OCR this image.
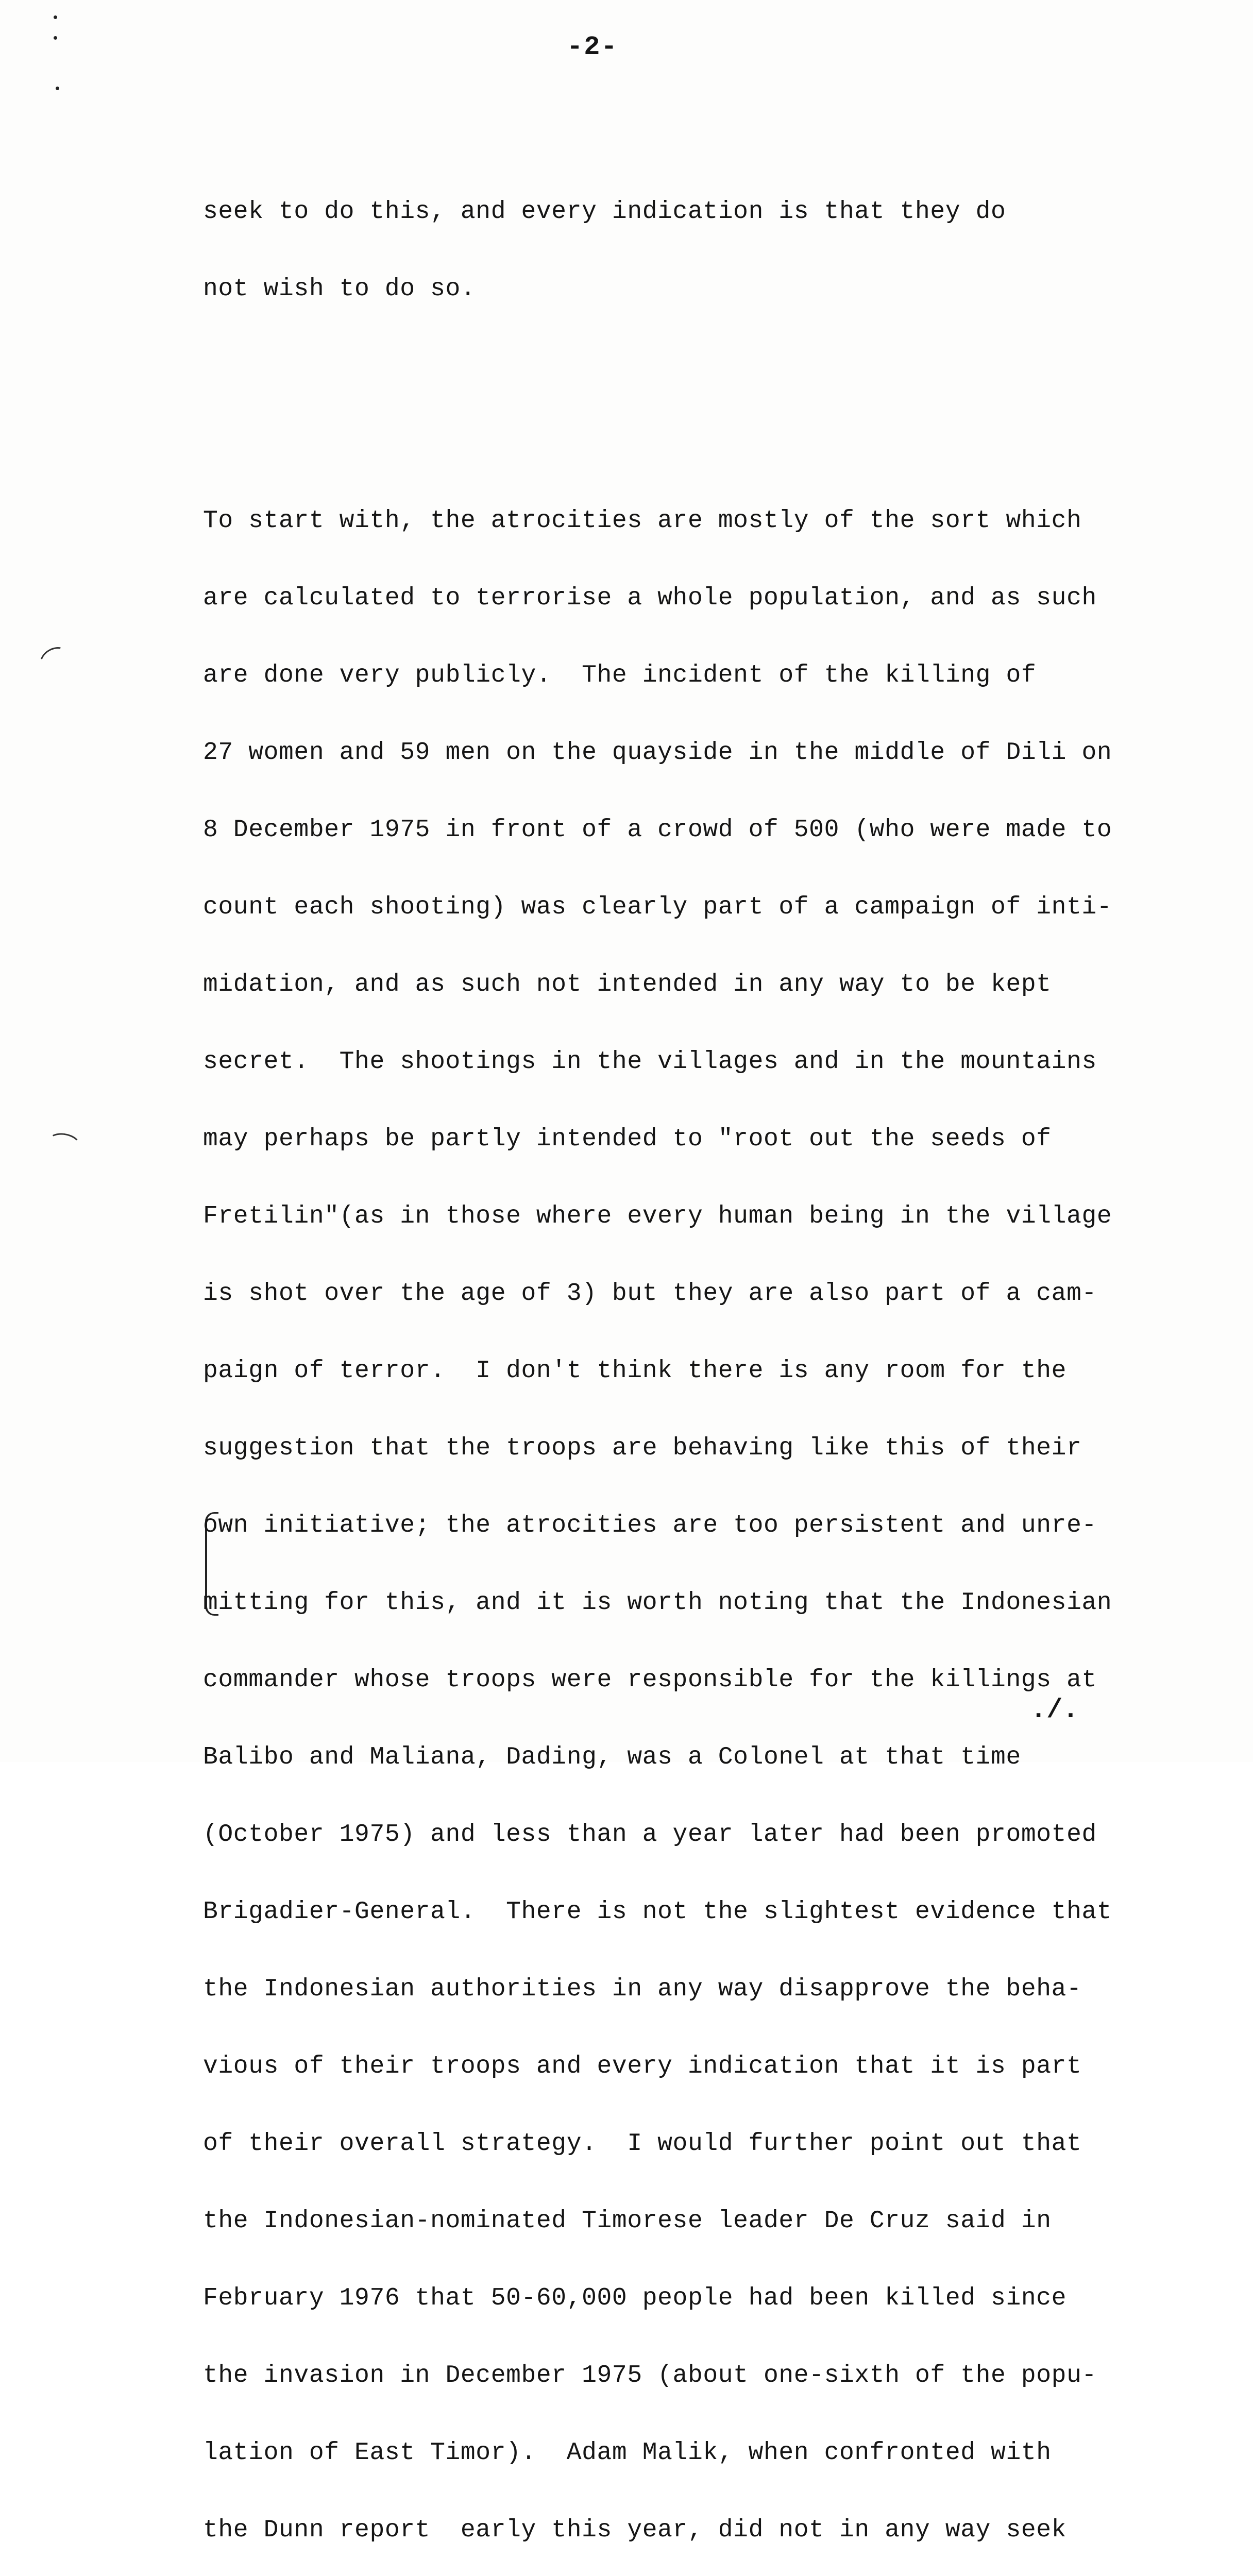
-2-

seek to do this, and every indication is that they do

not wish to do so.

To start with, the atrocities are mostly of the sort which

are calculated to terrorise a whole population, and as such

are done very publicly.  The incident of the killing of

27 women and 59 men on the quayside in the middle of Dili on

8 December 1975 in front of a crowd of 500 (who were made to

count each shooting) was clearly part of a campaign of inti-

midation, and as such not intended in any way to be kept

secret.  The shootings in the villages and in the mountains

may perhaps be partly intended to "root out the seeds of

Fretilin"(as in those where every human being in the village

is shot over the age of 3) but they are also part of a cam-

paign of terror.  I don't think there is any room for the

suggestion that the troops are behaving like this of their

own initiative; the atrocities are too persistent and unre-

mitting for this, and it is worth noting that the Indonesian

commander whose troops were responsible for the killings at

Balibo and Maliana, Dading, was a Colonel at that time

(October 1975) and less than a year later had been promoted

Brigadier-General.  There is not the slightest evidence that

the Indonesian authorities in any way disapprove the beha-

vious of their troops and every indication that it is part

of their overall strategy.  I would further point out that

the Indonesian-nominated Timorese leader De Cruz said in

February 1976 that 50-60,000 people had been killed since

the invasion in December 1975 (about one-sixth of the popu-

lation of East Timor).  Adam Malik, when confronted with

the Dunn report  early this year, did not in any way seek

./.
